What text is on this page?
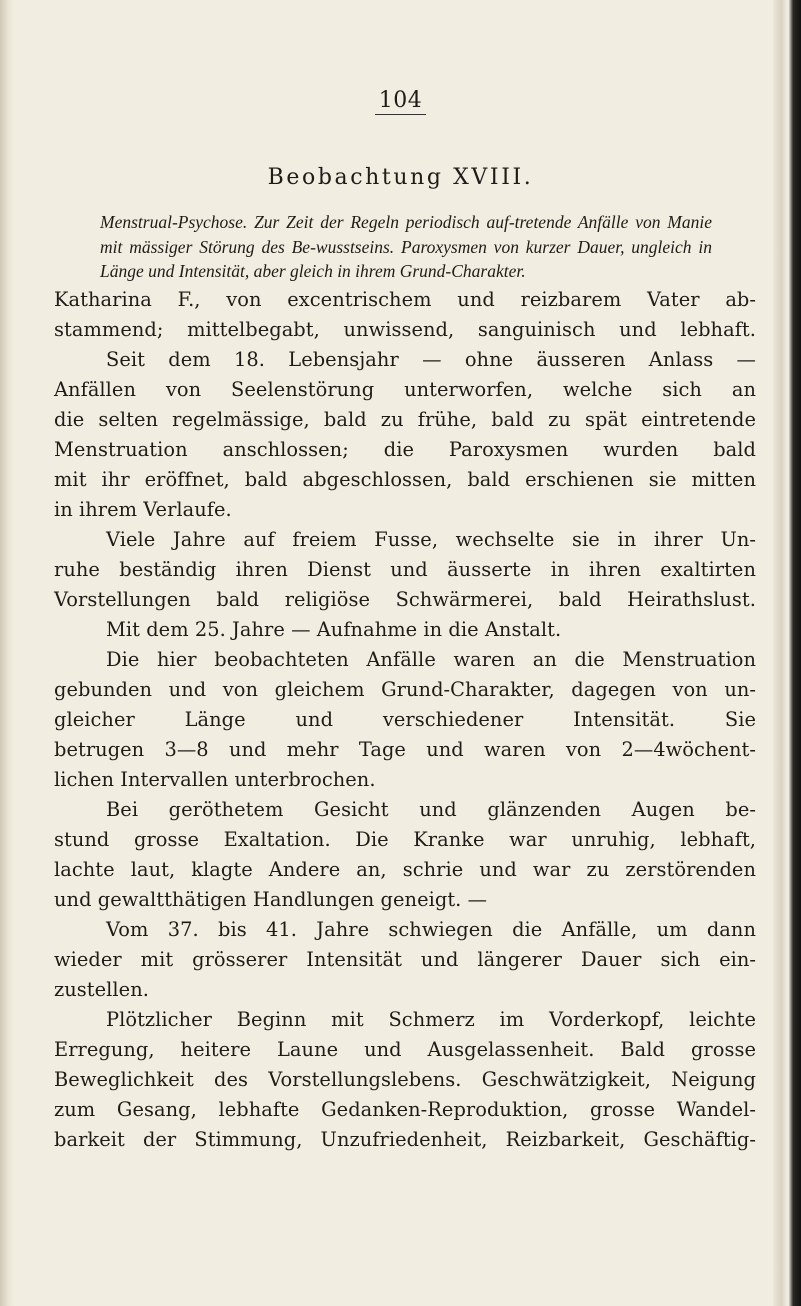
104
Beobachtung XVIII.
Menstrual-Psychose. Zur Zeit der Regeln periodisch auf-tretende Anfälle von Manie mit mässiger Störung des Be-wusstseins. Paroxysmen von kurzer Dauer, ungleich in Länge und Intensität, aber gleich in ihrem Grund-Charakter.
Katharina F., von excentrischem und reizbarem Vater ab-
stammend; mittelbegabt, unwissend, sanguinisch und lebhaft.
Seit dem 18. Lebensjahr — ohne äusseren Anlass —
Anfällen von Seelenstörung unterworfen, welche sich an
die selten regelmässige, bald zu frühe, bald zu spät eintretende
Menstruation anschlossen; die Paroxysmen wurden bald
mit ihr eröffnet, bald abgeschlossen, bald erschienen sie mitten
in ihrem Verlaufe.
Viele Jahre auf freiem Fusse, wechselte sie in ihrer Un-
ruhe beständig ihren Dienst und äusserte in ihren exaltirten
Vorstellungen bald religiöse Schwärmerei, bald Heirathslust.
Mit dem 25. Jahre — Aufnahme in die Anstalt.
Die hier beobachteten Anfälle waren an die Menstruation
gebunden und von gleichem Grund-Charakter, dagegen von un-
gleicher Länge und verschiedener Intensität. Sie
betrugen 3—8 und mehr Tage und waren von 2—4wöchent-
lichen Intervallen unterbrochen.
Bei geröthetem Gesicht und glänzenden Augen be-
stund grosse Exaltation. Die Kranke war unruhig, lebhaft,
lachte laut, klagte Andere an, schrie und war zu zerstörenden
und gewaltthätigen Handlungen geneigt. —
Vom 37. bis 41. Jahre schwiegen die Anfälle, um dann
wieder mit grösserer Intensität und längerer Dauer sich ein-
zustellen.
Plötzlicher Beginn mit Schmerz im Vorderkopf, leichte
Erregung, heitere Laune und Ausgelassenheit. Bald grosse
Beweglichkeit des Vorstellungslebens. Geschwätzigkeit, Neigung
zum Gesang, lebhafte Gedanken-Reproduktion, grosse Wandel-
barkeit der Stimmung, Unzufriedenheit, Reizbarkeit, Geschäftig-
